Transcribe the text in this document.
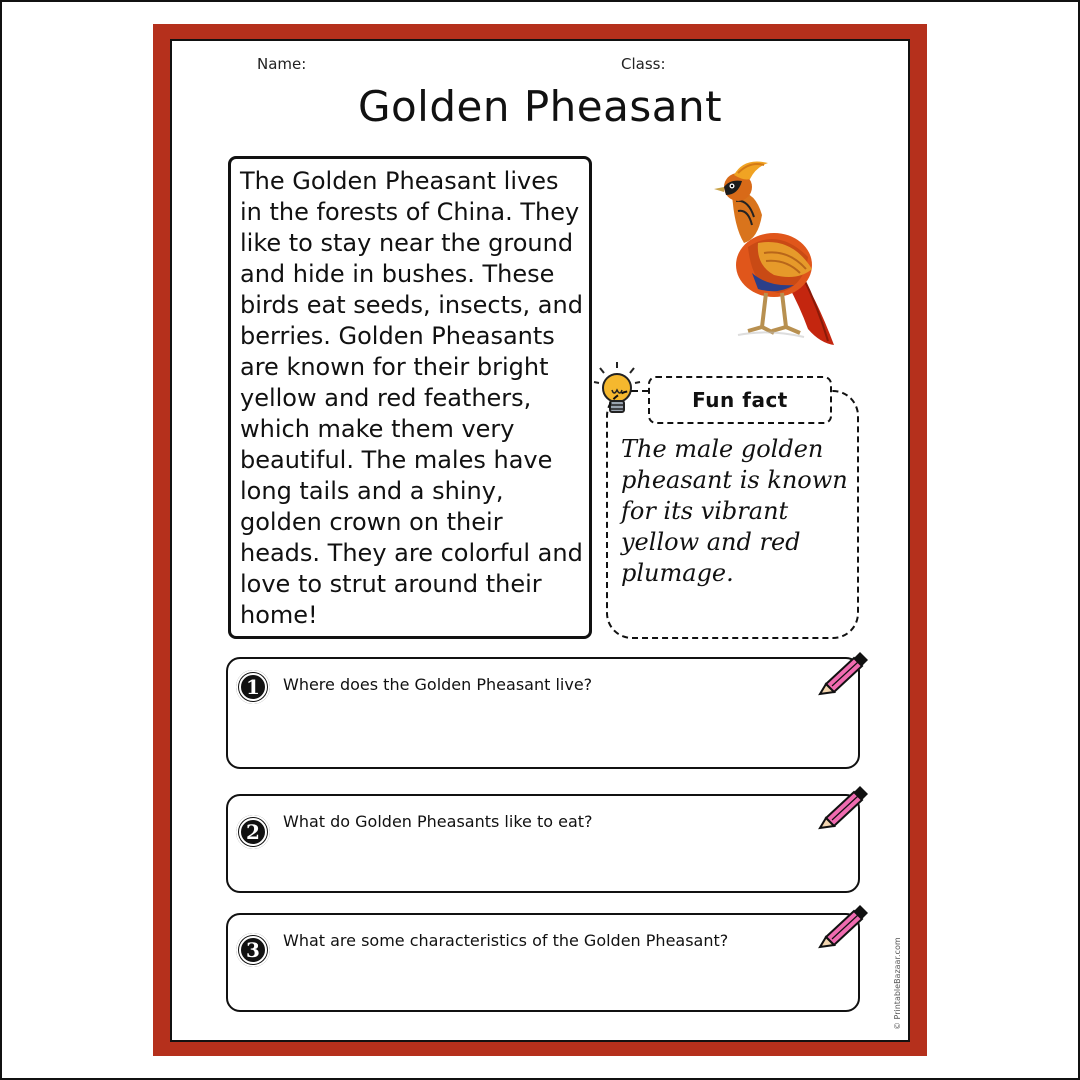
Name:	Class:
Golden Pheasant

The Golden Pheasant lives in the forests of China. They like to stay near the ground and hide in bushes. These birds eat seeds, insects, and berries. Golden Pheasants are known for their bright yellow and red feathers, which make them very beautiful. The males have long tails and a shiny, golden crown on their heads. They are colorful and love to strut around their home!

Fun fact

The male golden pheasant is known for its vibrant yellow and red plumage.

1	Where does the Golden Pheasant live?
2	What do Golden Pheasants like to eat?
3	What are some characteristics of the Golden Pheasant?	© PrintableBazaar.com
